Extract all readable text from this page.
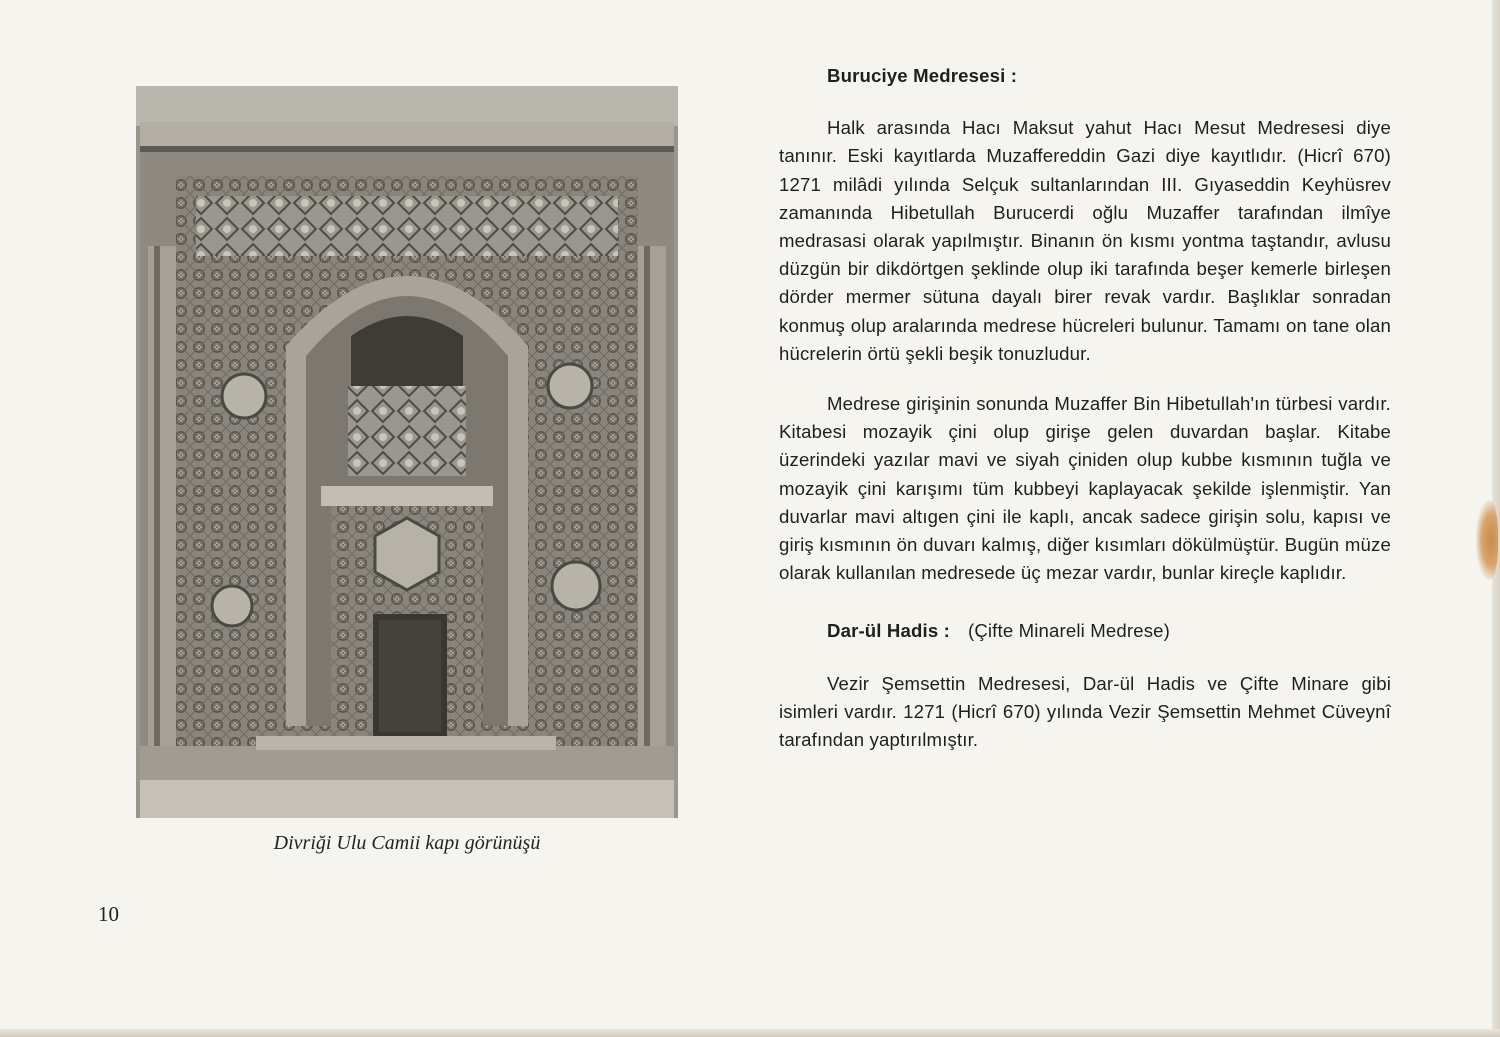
Divriği Ulu Camii kapı görünüşü
10
Buruciye Medresesi :

Halk arasında Hacı Maksut yahut Hacı Mesut Medresesi diye tanınır. Eski kayıtlarda Muzaffereddin Gazi diye kayıtlıdır. (Hicrî 670) 1271 milâdi yılında Selçuk sultanlarından III. Gıyaseddin Keyhüsrev zamanında Hibetullah Burucerdi oğlu Muzaffer tarafından ilmîye medrasasi olarak yapılmıştır. Binanın ön kısmı yontma taştandır, avlusu düzgün bir dikdörtgen şeklinde olup iki tarafında beşer kemerle birleşen dörder mermer sütuna dayalı birer revak vardır. Başlıklar sonradan konmuş olup aralarında medrese hücreleri bulunur. Tamamı on tane olan hücrelerin örtü şekli beşik tonuzludur.

Medrese girişinin sonunda Muzaffer Bin Hibetullah'ın türbesi vardır. Kitabesi mozayik çini olup girişe gelen duvardan başlar. Kitabe üzerindeki yazılar mavi ve siyah çiniden olup kubbe kısmının tuğla ve mozayik çini karışımı tüm kubbeyi kaplayacak şekilde işlenmiştir. Yan duvarlar mavi altıgen çini ile kaplı, ancak sadece girişin solu, kapısı ve giriş kısmının ön duvarı kalmış, diğer kısımları dökülmüştür. Bugün müze olarak kullanılan medresede üç mezar vardır, bunlar kireçle kaplıdır.

Dar-ül Hadis : (Çifte Minareli Medrese)

Vezir Şemsettin Medresesi, Dar-ül Hadis ve Çifte Minare gibi isimleri vardır. 1271 (Hicrî 670) yılında Vezir Şemsettin Mehmet Cüveynî tarafından yaptırılmıştır.
